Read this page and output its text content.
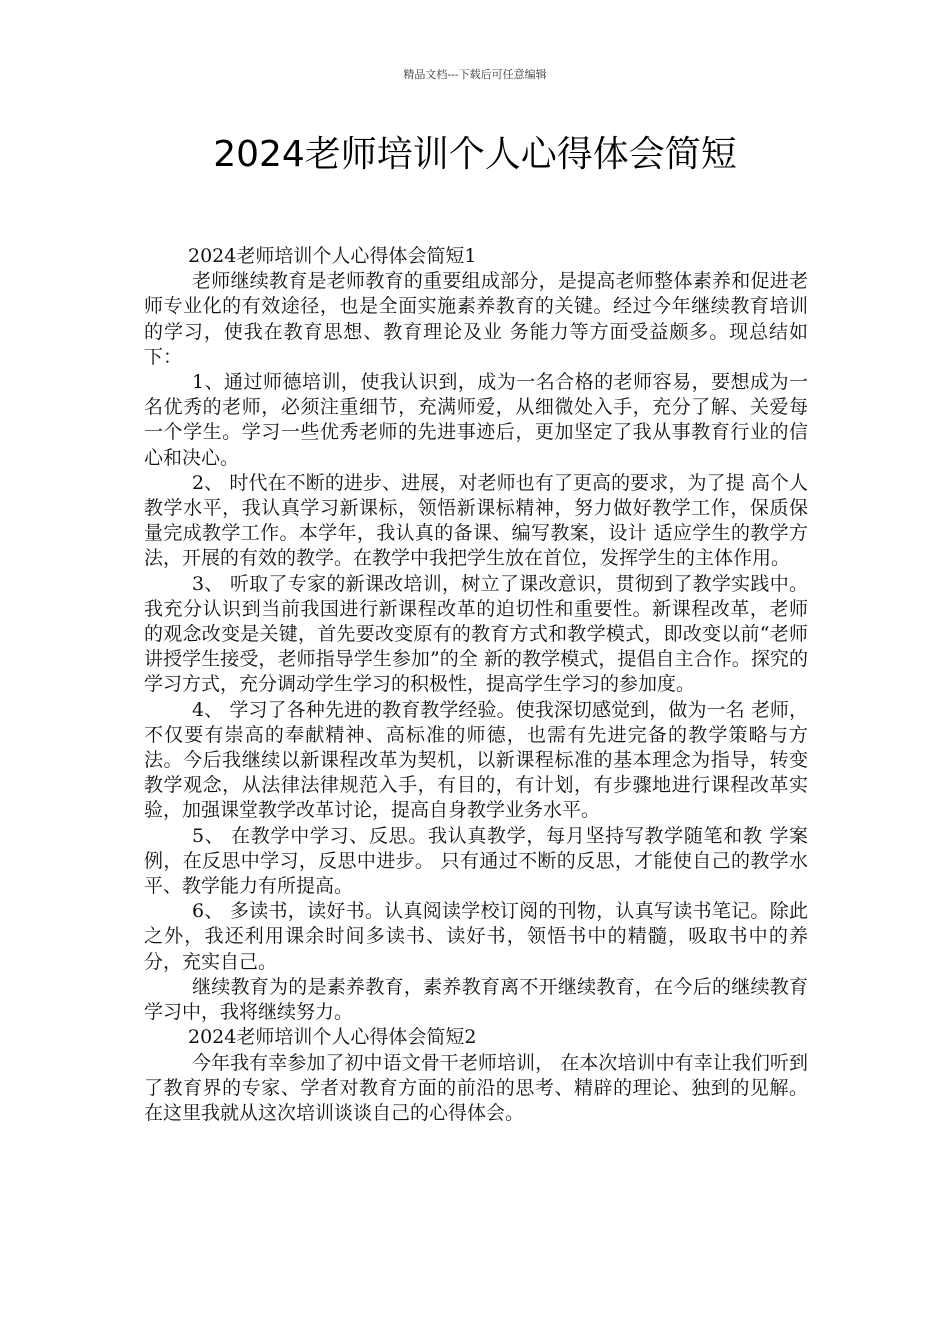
精品文档---下载后可任意编辑
2024老师培训个人心得体会简短

2024老师培训个人心得体会简短1

老师继续教育是老师教育的重要组成部分，是提高老师整体素养和促进老师专业化的有效途径，也是全面实施素养教育的关键。经过今年继续教育培训的学习，使我在教育思想、教育理论及业 务能力等方面受益颇多。现总结如下：

1、通过师德培训，使我认识到，成为一名合格的老师容易，要想成为一名优秀的老师，必须注重细节，充满师爱，从细微处入手，充分了解、关爱每一个学生。学习一些优秀老师的先进事迹后，更加坚定了我从事教育行业的信心和决心。

2、 时代在不断的进步、进展，对老师也有了更高的要求，为了提 高个人教学水平，我认真学习新课标，领悟新课标精神，努力做好教学工作，保质保量完成教学工作。本学年，我认真的备课、编写教案，设计 适应学生的教学方法，开展的有效的教学。在教学中我把学生放在首位，发挥学生的主体作用。

3、 听取了专家的新课改培训，树立了课改意识，贯彻到了教学实践中。我充分认识到当前我国进行新课程改革的迫切性和重要性。新课程改革，老师的观念改变是关键，首先要改变原有的教育方式和教学模式，即改变以前“老师讲授学生接受，老师指导学生参加”的全 新的教学模式，提倡自主合作。探究的学习方式，充分调动学生学习的积极性，提高学生学习的参加度。

4、 学习了各种先进的教育教学经验。使我深切感觉到，做为一名 老师，不仅要有崇高的奉献精神、高标准的师德，也需有先进完备的教学策略与方法。今后我继续以新课程改革为契机，以新课程标准的基本理念为指导，转变教学观念，从法律法律规范入手，有目的，有计划，有步骤地进行课程改革实验，加强课堂教学改革讨论，提高自身教学业务水平。

5、 在教学中学习、反思。我认真教学，每月坚持写教学随笔和教 学案例，在反思中学习，反思中进步。 只有通过不断的反思，才能使自己的教学水平、教学能力有所提高。

6、 多读书，读好书。认真阅读学校订阅的刊物，认真写读书笔记。除此之外，我还利用课余时间多读书、读好书，领悟书中的精髓，吸取书中的养分，充实自己。

继续教育为的是素养教育，素养教育离不开继续教育，在今后的继续教育学习中，我将继续努力。

2024老师培训个人心得体会简短2

今年我有幸参加了初中语文骨干老师培训， 在本次培训中有幸让我们听到了教育界的专家、学者对教育方面的前沿的思考、精辟的理论、独到的见解。在这里我就从这次培训谈谈自己的心得体会。
